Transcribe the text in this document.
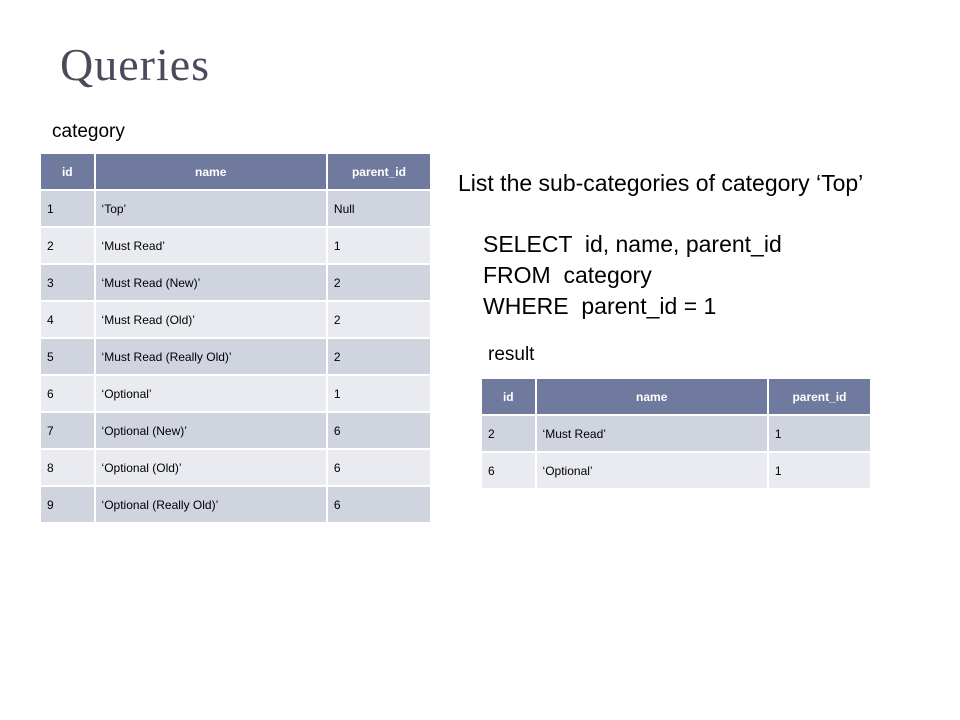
Queries
category
id	name	parent_id
1	‘Top’	Null
2	‘Must Read’	1
3	‘Must Read (New)’	2
4	‘Must Read (Old)’	2
5	‘Must Read (Really Old)’	2
6	‘Optional’	1
7	‘Optional (New)’	6
8	‘Optional (Old)’	6
9	‘Optional (Really Old)’	6
List the sub-categories of category ‘Top’
SELECT  id, name, parent_id
FROM  category
WHERE  parent_id = 1
result
id	name	parent_id
2	‘Must Read’	1
6	‘Optional’	1
